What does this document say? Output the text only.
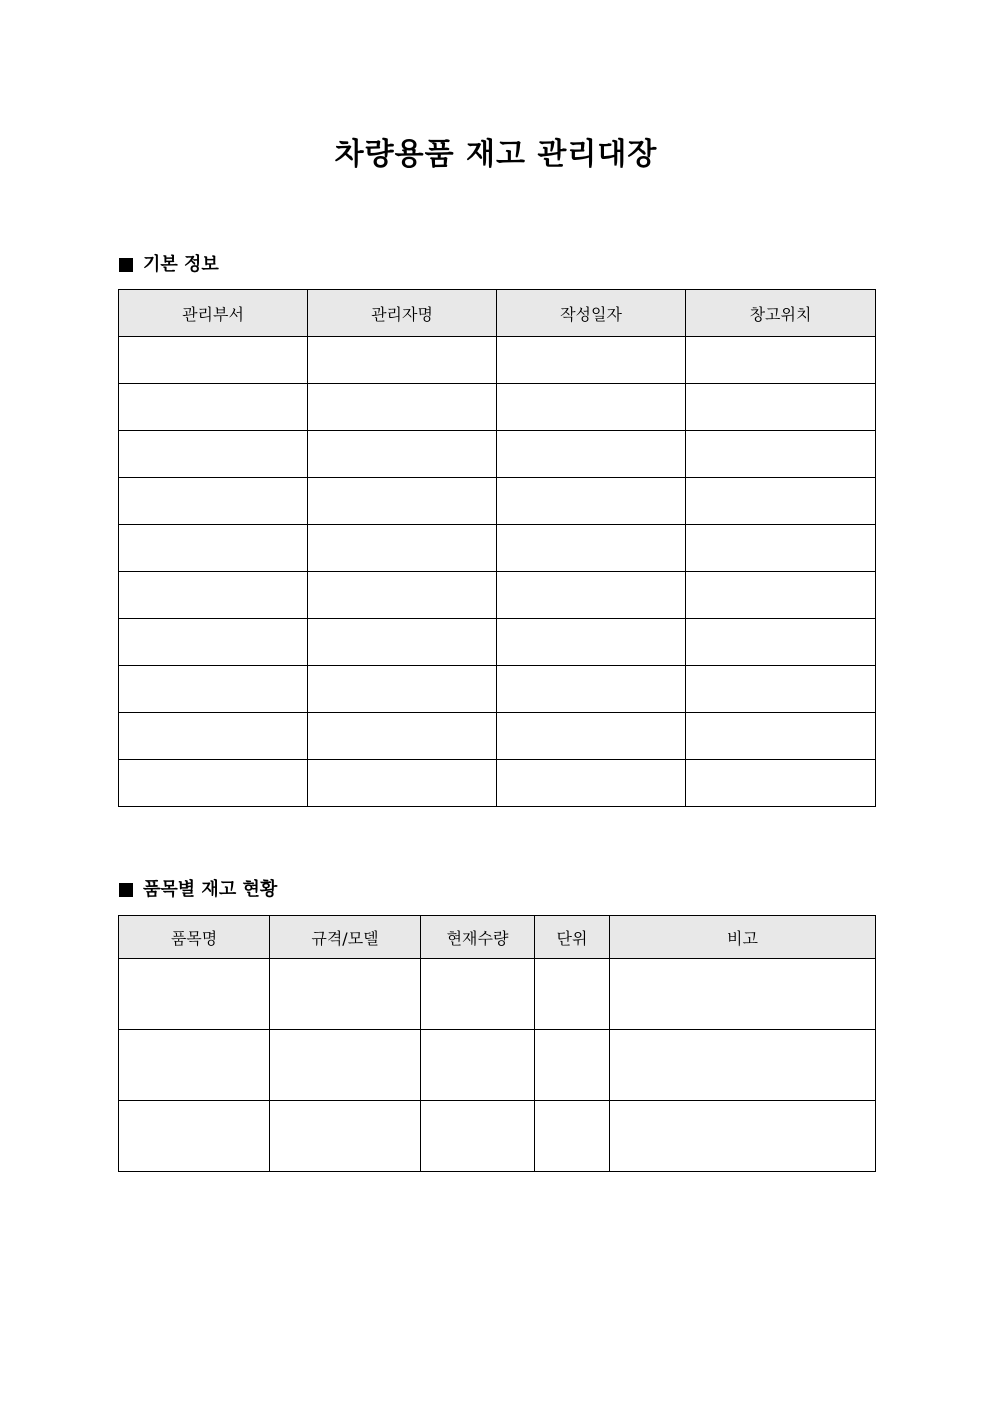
차량용품 재고 관리대장
기본 정보
관리부서	관리자명	작성일자	창고위치

품목별 재고 현황
품목명	규격/모델	현재수량	단위	비고
